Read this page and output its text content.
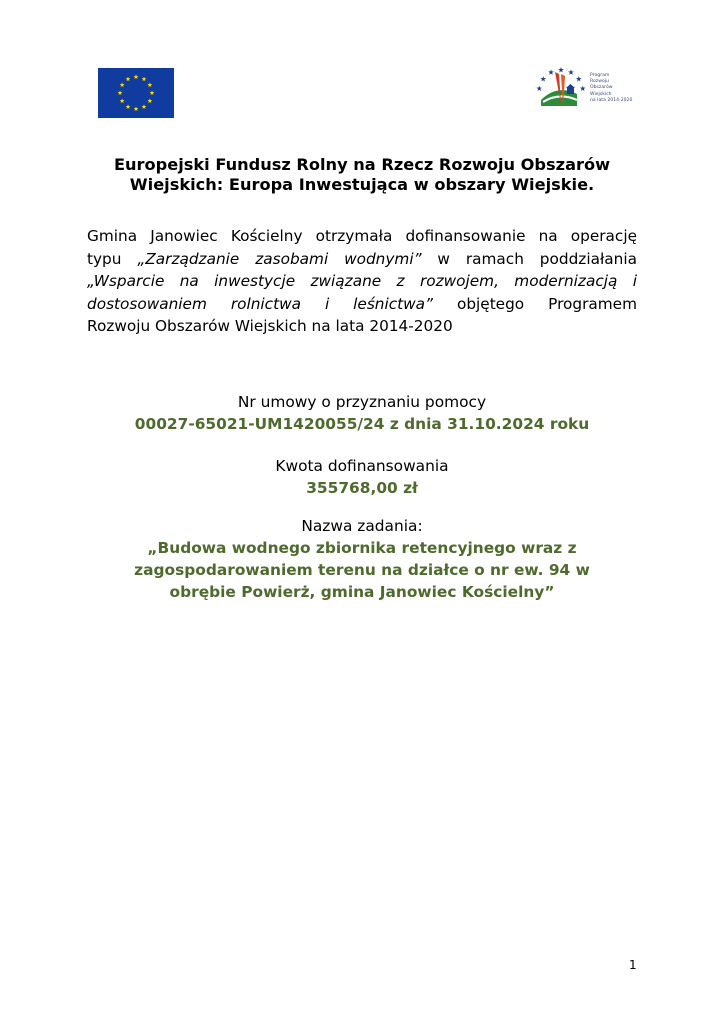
Program
Rozwoju
Obszarów
Wiejskich
na lata 2014-2020
Europejski Fundusz Rolny na Rzecz Rozwoju Obszarów
Wiejskich: Europa Inwestująca w obszary Wiejskie.
Gmina Janowiec Kościelny otrzymała dofinansowanie na operację
typu „Zarządzanie zasobami wodnymi” w ramach poddziałania
„Wsparcie na inwestycje związane z rozwojem, modernizacją i
dostosowaniem rolnictwa i leśnictwa” objętego Programem
Rozwoju Obszarów Wiejskich na lata 2014-2020
Nr umowy o przyznaniu pomocy
00027-65021-UM1420055/24 z dnia 31.10.2024 roku
Kwota dofinansowania
355768,00 zł
Nazwa zadania:
„Budowa wodnego zbiornika retencyjnego wraz z
zagospodarowaniem terenu na działce o nr ew. 94 w
obrębie Powierż, gmina Janowiec Kościelny”
1
